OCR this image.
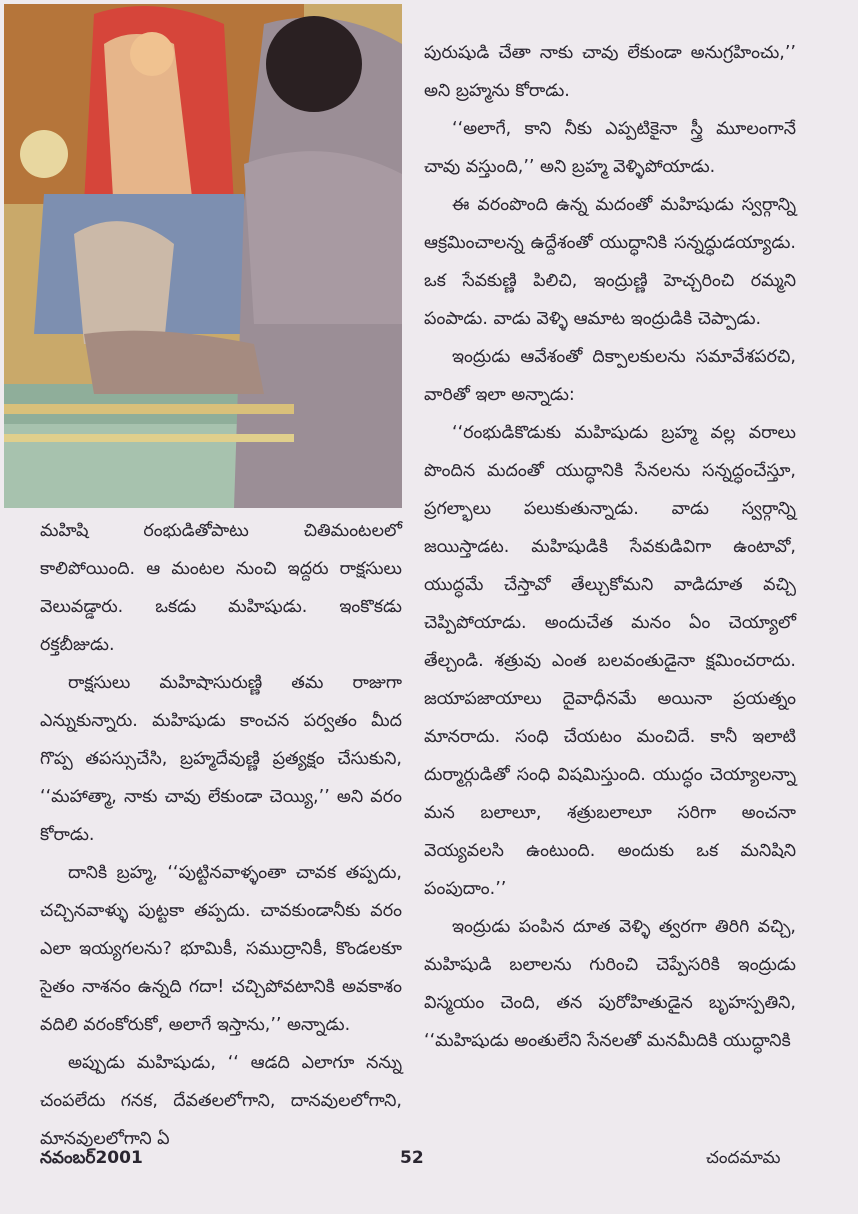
మహిషి రంభుడితోపాటు చితిమంటలలో కాలిపోయింది. ఆ మంటల నుంచి ఇద్దరు రాక్షసులు వెలువడ్డారు. ఒకడు మహిషుడు. ఇంకొకడు రక్తబీజుడు.

రాక్షసులు మహిషాసురుణ్ణి తమ రాజుగా ఎన్నుకున్నారు. మహిషుడు కాంచన పర్వతం మీద గొప్ప తపస్సుచేసి, బ్రహ్మదేవుణ్ణి ప్రత్యక్షం చేసుకుని, ‘‘మహాత్మా, నాకు చావు లేకుండా చెయ్యి,’’ అని వరం కోరాడు.

దానికి బ్రహ్మ, ‘‘పుట్టినవాళ్ళంతా చావక తప్పదు, చచ్చినవాళ్ళు పుట్టకా తప్పదు. చావకుండానీకు వరం ఎలా ఇయ్యగలను? భూమికీ, సముద్రానికీ, కొండలకూ సైతం నాశనం ఉన్నది గదా! చచ్చిపోవటానికి అవకాశం వదిలి వరంకోరుకో, అలాగే ఇస్తాను,’’ అన్నాడు.

అప్పుడు మహిషుడు, ‘‘ ఆడది ఎలాగూ నన్ను చంపలేదు గనక, దేవతలలోగాని, దానవులలోగాని, మానవులలోగాని ఏ

పురుషుడి చేతా నాకు చావు లేకుండా అనుగ్రహించు,’’ అని బ్రహ్మను కోరాడు.

‘‘అలాగే, కాని నీకు ఎప్పటికైనా స్త్రీ మూలంగానే చావు వస్తుంది,’’ అని బ్రహ్మ వెళ్ళిపోయాడు.

ఈ వరంపొంది ఉన్న మదంతో మహిషుడు స్వర్గాన్ని ఆక్రమించాలన్న ఉద్దేశంతో యుద్ధానికి సన్నద్ధుడయ్యాడు. ఒక సేవకుణ్ణి పిలిచి, ఇంద్రుణ్ణి హెచ్చరించి రమ్మని పంపాడు. వాడు వెళ్ళి ఆమాట ఇంద్రుడికి చెప్పాడు.

ఇంద్రుడు ఆవేశంతో దిక్పాలకులను సమావేశపరచి, వారితో ఇలా అన్నాడు:

‘‘రంభుడికొడుకు మహిషుడు బ్రహ్మ వల్ల వరాలు పొందిన మదంతో యుద్ధానికి సేనలను సన్నద్ధంచేస్తూ, ప్రగల్భాలు పలుకుతున్నాడు. వాడు స్వర్గాన్ని జయిస్తాడట. మహిషుడికి సేవకుడివిగా ఉంటావో, యుద్ధమే చేస్తావో తేల్చుకోమని వాడిదూత వచ్చి చెప్పిపోయాడు. అందుచేత మనం ఏం చెయ్యాలో తేల్చండి. శత్రువు ఎంత బలవంతుడైనా క్షమించరాదు. జయాపజాయాలు దైవాధీనమే అయినా ప్రయత్నం మానరాదు. సంధి చేయటం మంచిదే. కానీ ఇలాటి దుర్మార్గుడితో సంధి విషమిస్తుంది. యుద్ధం చెయ్యాలన్నా మన బలాలూ, శత్రుబలాలూ సరిగా అంచనా వెయ్యవలసి ఉంటుంది. అందుకు ఒక మనిషిని పంపుదాం.’’

ఇంద్రుడు పంపిన దూత వెళ్ళి త్వరగా తిరిగి వచ్చి, మహిషుడి బలాలను గురించి చెప్పేసరికి ఇంద్రుడు విస్మయం చెంది, తన పురోహితుడైన బృహస్పతిని, ‘‘మహిషుడు అంతులేని సేనలతో మనమీదికి యుద్ధానికి

నవంబర్2001	52	చందమామ
